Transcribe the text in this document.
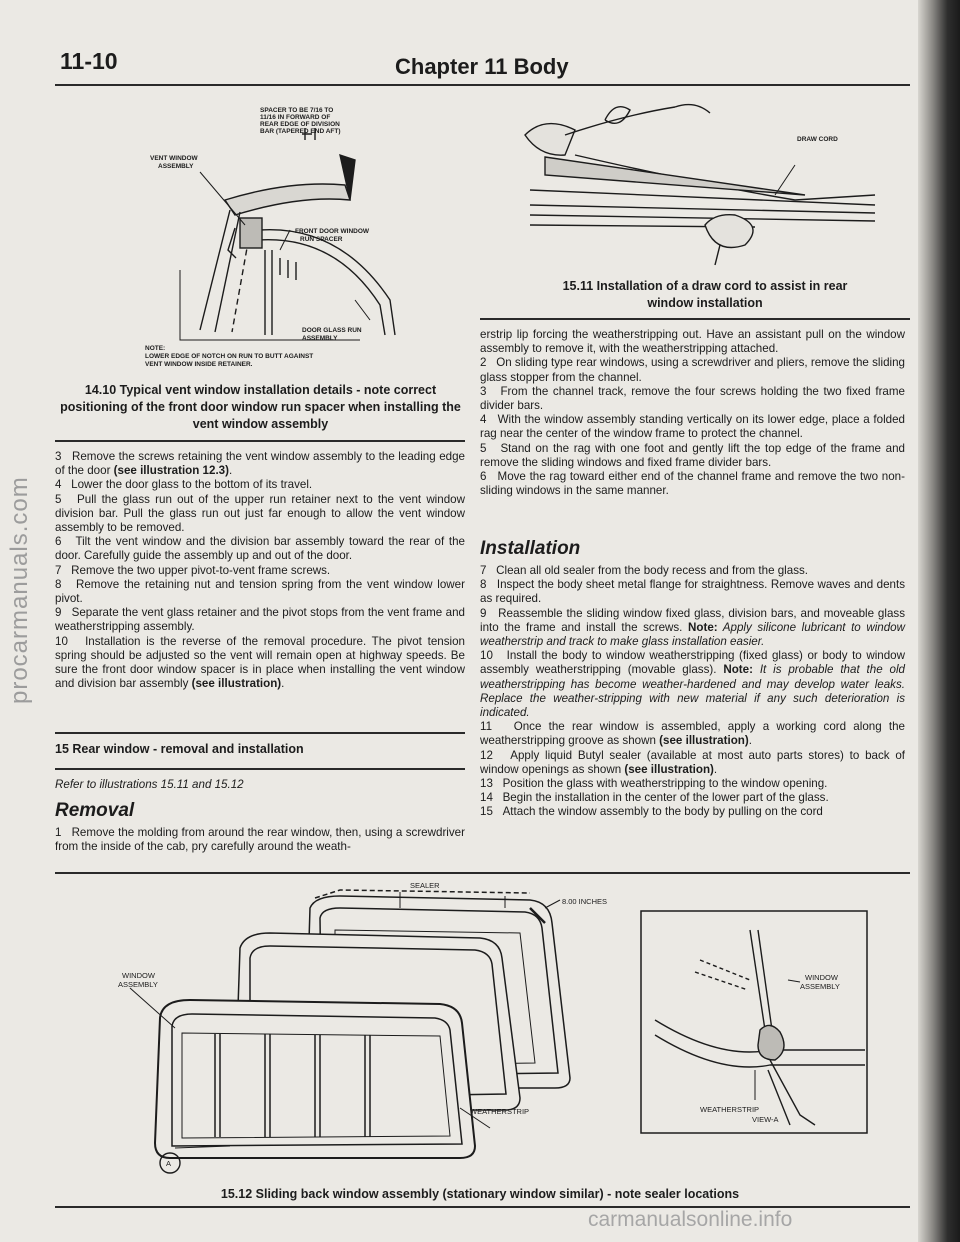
procarmanuals.com
carmanualsonline.info
11-10	Chapter 11 Body
SPACER TO BE 7/16 TO
11/16 IN FORWARD OF
REAR EDGE OF DIVISION
BAR (TAPERED END AFT)
VENT WINDOW
ASSEMBLY
FRONT DOOR WINDOW
RUN SPACER
DOOR GLASS RUN
ASSEMBLY
NOTE:
LOWER EDGE OF NOTCH ON RUN TO BUTT AGAINST
VENT WINDOW INSIDE RETAINER.
14.10 Typical vent window installation details - note correct positioning of the front door window run spacer when installing the vent window assembly
DRAW CORD
15.11 Installation of a draw cord to assist in rear window installation

3 Remove the screws retaining the vent window assembly to the leading edge of the door (see illustration 12.3).

4 Lower the door glass to the bottom of its travel.

5 Pull the glass run out of the upper run retainer next to the vent window division bar. Pull the glass run out just far enough to allow the vent window assembly to be removed.

6 Tilt the vent window and the division bar assembly toward the rear of the door. Carefully guide the assembly up and out of the door.

7 Remove the two upper pivot-to-vent frame screws.

8 Remove the retaining nut and tension spring from the vent window lower pivot.

9 Separate the vent glass retainer and the pivot stops from the vent frame and weatherstripping assembly.

10 Installation is the reverse of the removal procedure. The pivot tension spring should be adjusted so the vent will remain open at highway speeds. Be sure the front door window spacer is in place when installing the vent window and division bar assembly (see illustration).

15 Rear window - removal and installation
Refer to illustrations 15.11 and 15.12
Removal

1 Remove the molding from around the rear window, then, using a screwdriver from the inside of the cab, pry carefully around the weath-

erstrip lip forcing the weatherstripping out. Have an assistant pull on the window assembly to remove it, with the weatherstripping attached.

2 On sliding type rear windows, using a screwdriver and pliers, remove the sliding glass stopper from the channel.

3 From the channel track, remove the four screws holding the two fixed frame divider bars.

4 With the window assembly standing vertically on its lower edge, place a folded rag near the center of the window frame to protect the channel.

5 Stand on the rag with one foot and gently lift the top edge of the frame and remove the sliding windows and fixed frame divider bars.

6 Move the rag toward either end of the channel frame and remove the two non-sliding windows in the same manner.

Installation

7 Clean all old sealer from the body recess and from the glass.

8 Inspect the body sheet metal flange for straightness. Remove waves and dents as required.

9 Reassemble the sliding window fixed glass, division bars, and moveable glass into the frame and install the screws. Note: Apply silicone lubricant to window weatherstrip and track to make glass installation easier.

10 Install the body to window weatherstripping (fixed glass) or body to window assembly weatherstripping (movable glass). Note: It is probable that the old weatherstripping has become weather-hardened and may develop water leaks. Replace the weather-stripping with new material if any such deterioration is indicated.

11 Once the rear window is assembled, apply a working cord along the weatherstripping groove as shown (see illustration).

12 Apply liquid Butyl sealer (available at most auto parts stores) to back of window openings as shown (see illustration).

13 Position the glass with weatherstripping to the window opening.

14 Begin the installation in the center of the lower part of the glass.

15 Attach the window assembly to the body by pulling on the cord

A
SEALER
8.00 INCHES
WINDOW
ASSEMBLY
WEATHERSTRIP
WINDOW
ASSEMBLY
WEATHERSTRIP
VIEW-A
15.12 Sliding back window assembly (stationary window similar) - note sealer locations
